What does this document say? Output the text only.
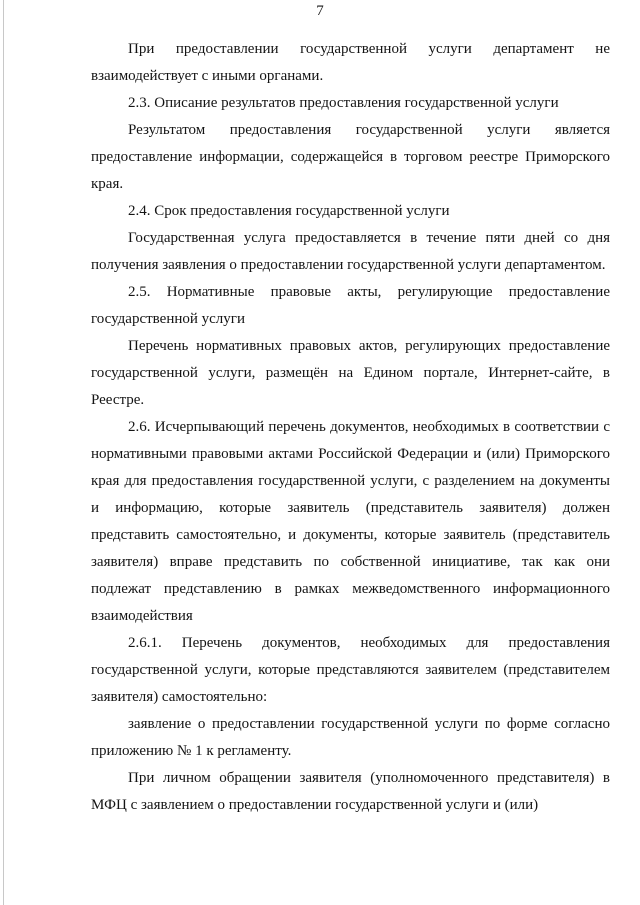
7

При предоставлении государственной услуги департамент не взаимодействует с иными органами.

2.3. Описание результатов предоставления государственной услуги

Результатом предоставления государственной услуги является предоставление информации, содержащейся в торговом реестре Приморского края.

2.4. Срок предоставления государственной услуги

Государственная услуга предоставляется в течение пяти дней со дня получения заявления о предоставлении государственной услуги департаментом.

2.5. Нормативные правовые акты, регулирующие предоставление государственной услуги

Перечень нормативных правовых актов, регулирующих предоставление государственной услуги, размещён на Едином портале, Интернет-сайте, в Реестре.

2.6. Исчерпывающий перечень документов, необходимых в соответствии с нормативными правовыми актами Российской Федерации и (или) Приморского края для предоставления государственной услуги, с разделением на документы и информацию, которые заявитель (представитель заявителя) должен представить самостоятельно, и документы, которые заявитель (представитель заявителя) вправе представить по собственной инициативе, так как они подлежат представлению в рамках межведомственного информационного взаимодействия

2.6.1. Перечень документов, необходимых для предоставления государственной услуги, которые представляются заявителем (представителем заявителя) самостоятельно:

заявление о предоставлении государственной услуги по форме согласно приложению № 1 к регламенту.

При личном обращении заявителя (уполномоченного представителя) в МФЦ с заявлением о предоставлении государственной услуги и (или)
